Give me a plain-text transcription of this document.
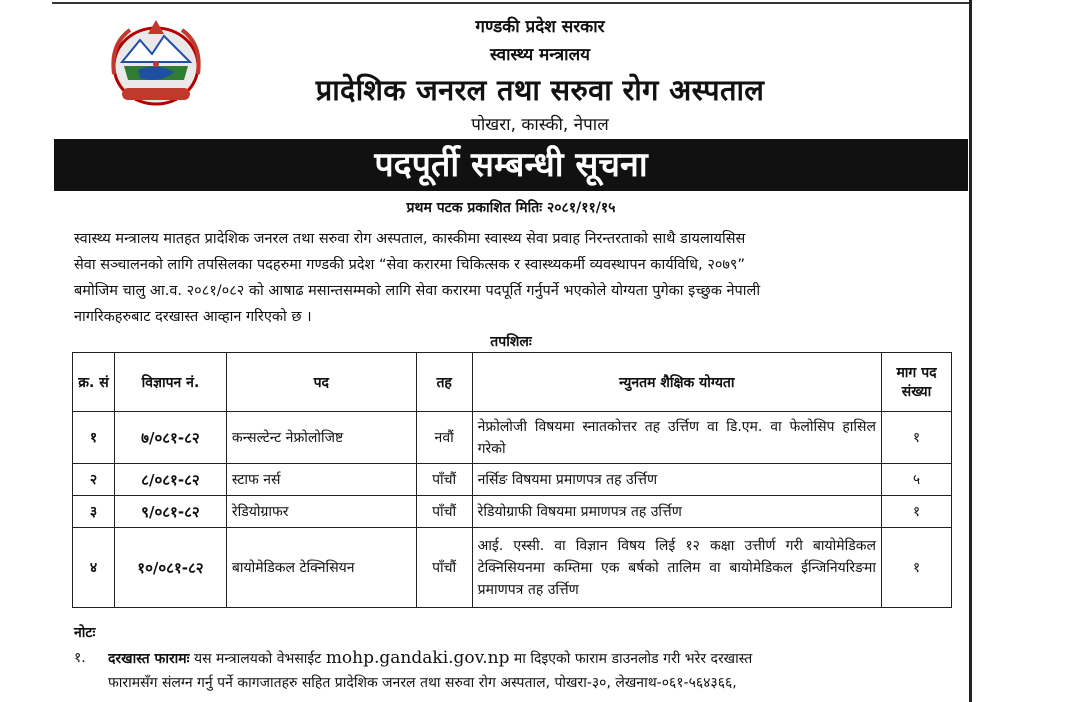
गण्डकी प्रदेश सरकार
स्वास्थ्य मन्त्रालय
प्रादेशिक जनरल तथा सरुवा रोग अस्पताल
पोखरा, कास्की, नेपाल
पदपूर्ती सम्बन्धी सूचना
प्रथम पटक प्रकाशित मितिः २०८१/११/१५
स्वास्थ्य मन्त्रालय मातहत प्रादेशिक जनरल तथा सरुवा रोग अस्पताल, कास्कीमा स्वास्थ्य सेवा प्रवाह निरन्तरताको साथै डायलायसिस
सेवा सञ्चालनको लागि तपसिलका पदहरुमा गण्डकी प्रदेश “सेवा करारमा चिकित्सक र स्वास्थ्यकर्मी व्यवस्थापन कार्यविधि, २०७९”
बमोजिम चालु आ.व. २०८१/०८२ को आषाढ मसान्तसम्मको लागि सेवा करारमा पदपूर्ति गर्नुपर्ने भएकोले योग्यता पुगेका इच्छुक नेपाली
नागरिकहरुबाट दरखास्त आव्हान गरिएको छ ।
तपशिलः
क्र. सं	विज्ञापन नं.	पद	तह	न्युनतम शैक्षिक योग्यता	माग पद संख्या
१	७/०८१-८२	कन्सल्टेन्ट नेफ्रोलोजिष्ट	नवौं	नेफ्रोलोजी विषयमा स्नातकोत्तर तह उर्त्तिण वा डि.एम. वा फेलोसिप हासिल गरेको	१
२	८/०८१-८२	स्टाफ नर्स	पाँचौं	नर्सिङ विषयमा प्रमाणपत्र तह उर्त्तिण	५
३	९/०८१-८२	रेडियोग्राफर	पाँचौं	रेडियोग्राफी विषयमा प्रमाणपत्र तह उर्त्तिण	१
४	१०/०८१-८२	बायोमेडिकल टेक्निसियन	पाँचौं	आई. एस्सी. वा विज्ञान विषय लिई १२ कक्षा उत्तीर्ण गरी बायोमेडिकल टेक्निसियनमा कम्तिमा एक बर्षको तालिम वा बायोमेडिकल ईन्जिनियरिङमा प्रमाणपत्र तह उर्त्तिण	१
नोटः
१. दरखास्त फारामः यस मन्त्रालयको वेभसाईट mohp.gandaki.gov.np मा दिइएको फाराम डाउनलोड गरी भरेर दरखास्त
फारामसँग संलग्न गर्नु पर्ने कागजातहरु सहित प्रादेशिक जनरल तथा सरुवा रोग अस्पताल, पोखरा-३०, लेखनाथ-०६१-५६४३६६,
